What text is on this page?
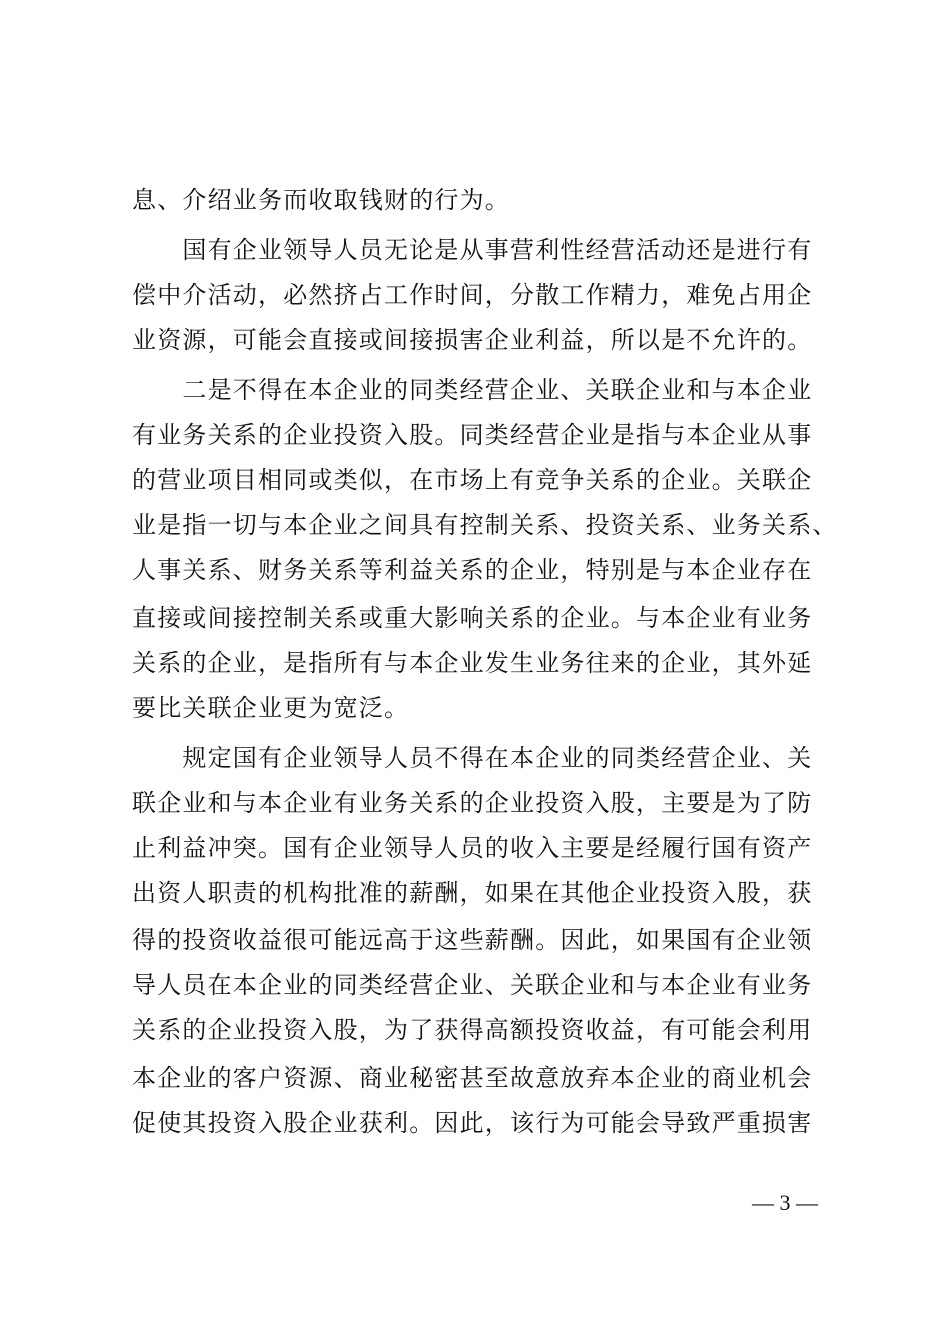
息、介绍业务而收取钱财的行为。
　　国有企业领导人员无论是从事营利性经营活动还是进行有
偿中介活动，必然挤占工作时间，分散工作精力，难免占用企
业资源，可能会直接或间接损害企业利益，所以是不允许的。
　　二是不得在本企业的同类经营企业、关联企业和与本企业
有业务关系的企业投资入股。同类经营企业是指与本企业从事
的营业项目相同或类似，在市场上有竞争关系的企业。关联企
业是指一切与本企业之间具有控制关系、投资关系、业务关系、
人事关系、财务关系等利益关系的企业，特别是与本企业存在
直接或间接控制关系或重大影响关系的企业。与本企业有业务
关系的企业，是指所有与本企业发生业务往来的企业，其外延
要比关联企业更为宽泛。
　　规定国有企业领导人员不得在本企业的同类经营企业、关
联企业和与本企业有业务关系的企业投资入股，主要是为了防
止利益冲突。国有企业领导人员的收入主要是经履行国有资产
出资人职责的机构批准的薪酬，如果在其他企业投资入股，获
得的投资收益很可能远高于这些薪酬。因此，如果国有企业领
导人员在本企业的同类经营企业、关联企业和与本企业有业务
关系的企业投资入股，为了获得高额投资收益，有可能会利用
本企业的客户资源、商业秘密甚至故意放弃本企业的商业机会
促使其投资入股企业获利。因此，该行为可能会导致严重损害
— 3 —
